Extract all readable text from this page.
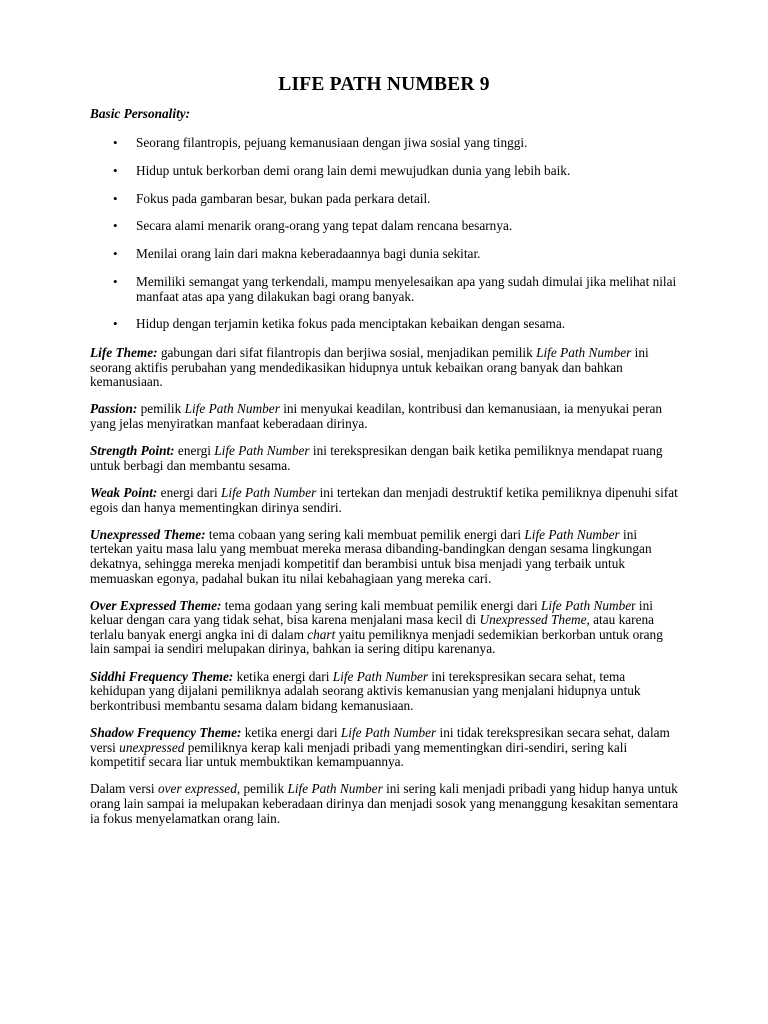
LIFE PATH NUMBER 9
Basic Personality:
• Seorang filantropis, pejuang kemanusiaan dengan jiwa sosial yang tinggi.
• Hidup untuk berkorban demi orang lain demi mewujudkan dunia yang lebih baik.
• Fokus pada gambaran besar, bukan pada perkara detail.
• Secara alami menarik orang-orang yang tepat dalam rencana besarnya.
• Menilai orang lain dari makna keberadaannya bagi dunia sekitar.
• Memiliki semangat yang terkendali, mampu menyelesaikan apa yang sudah dimulai jika melihat nilai manfaat atas apa yang dilakukan bagi orang banyak.
• Hidup dengan terjamin ketika fokus pada menciptakan kebaikan dengan sesama.

Life Theme: gabungan dari sifat filantropis dan berjiwa sosial, menjadikan pemilik Life Path Number ini seorang aktifis perubahan yang mendedikasikan hidupnya untuk kebaikan orang banyak dan bahkan kemanusiaan.

Passion: pemilik Life Path Number ini menyukai keadilan, kontribusi dan kemanusiaan, ia menyukai peran yang jelas menyiratkan manfaat keberadaan dirinya.

Strength Point: energi Life Path Number ini terekspresikan dengan baik ketika pemiliknya mendapat ruang untuk berbagi dan membantu sesama.

Weak Point: energi dari Life Path Number ini tertekan dan menjadi destruktif ketika pemiliknya dipenuhi sifat egois dan hanya mementingkan dirinya sendiri.

Unexpressed Theme: tema cobaan yang sering kali membuat pemilik energi dari Life Path Number ini tertekan yaitu masa lalu yang membuat mereka merasa dibanding-bandingkan dengan sesama lingkungan dekatnya, sehingga mereka menjadi kompetitif dan berambisi untuk bisa menjadi yang terbaik untuk memuaskan egonya, padahal bukan itu nilai kebahagiaan yang mereka cari.

Over Expressed Theme: tema godaan yang sering kali membuat pemilik energi dari Life Path Number ini keluar dengan cara yang tidak sehat, bisa karena menjalani masa kecil di Unexpressed Theme, atau karena terlalu banyak energi angka ini di dalam chart yaitu pemiliknya menjadi sedemikian berkorban untuk orang lain sampai ia sendiri melupakan dirinya, bahkan ia sering ditipu karenanya.

Siddhi Frequency Theme: ketika energi dari Life Path Number ini terekspresikan secara sehat, tema kehidupan yang dijalani pemiliknya adalah seorang aktivis kemanusian yang menjalani hidupnya untuk berkontribusi membantu sesama dalam bidang kemanusiaan.

Shadow Frequency Theme: ketika energi dari Life Path Number ini tidak terekspresikan secara sehat, dalam versi unexpressed pemiliknya kerap kali menjadi pribadi yang mementingkan diri-sendiri, sering kali kompetitif secara liar untuk membuktikan kemampuannya.

Dalam versi over expressed, pemilik Life Path Number ini sering kali menjadi pribadi yang hidup hanya untuk orang lain sampai ia melupakan keberadaan dirinya dan menjadi sosok yang menanggung kesakitan sementara ia fokus menyelamatkan orang lain.
